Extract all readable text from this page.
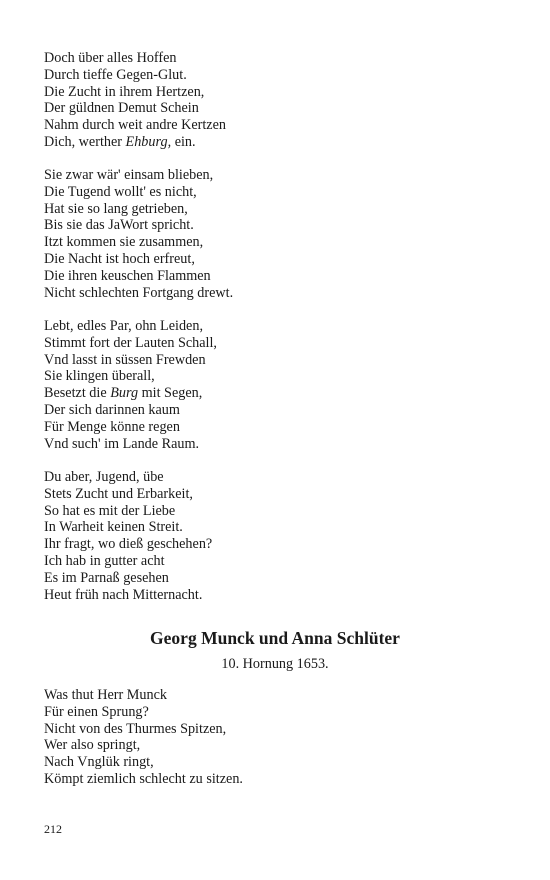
Doch über alles Hoffen

Durch tieffe Gegen-Glut.

Die Zucht in ihrem Hertzen,

Der güldnen Demut Schein

Nahm durch weit andre Kertzen

Dich, werther Ehburg, ein.

Sie zwar wär' einsam blieben,

Die Tugend wollt' es nicht,

Hat sie so lang getrieben,

Bis sie das JaWort spricht.

Itzt kommen sie zusammen,

Die Nacht ist hoch erfreut,

Die ihren keuschen Flammen

Nicht schlechten Fortgang drewt.

Lebt, edles Par, ohn Leiden,

Stimmt fort der Lauten Schall,

Vnd lasst in süssen Frewden

Sie klingen überall,

Besetzt die Burg mit Segen,

Der sich darinnen kaum

Für Menge könne regen

Vnd such' im Lande Raum.

Du aber, Jugend, übe

Stets Zucht und Erbarkeit,

So hat es mit der Liebe

In Warheit keinen Streit.

Ihr fragt, wo dieß geschehen?

Ich hab in gutter acht

Es im Parnaß gesehen

Heut früh nach Mitternacht.

Georg Munck und Anna Schlüter

10. Hornung 1653.

Was thut Herr Munck

Für einen Sprung?

Nicht von des Thurmes Spitzen,

Wer also springt,

Nach Vnglük ringt,

Kömpt ziemlich schlecht zu sitzen.

212
